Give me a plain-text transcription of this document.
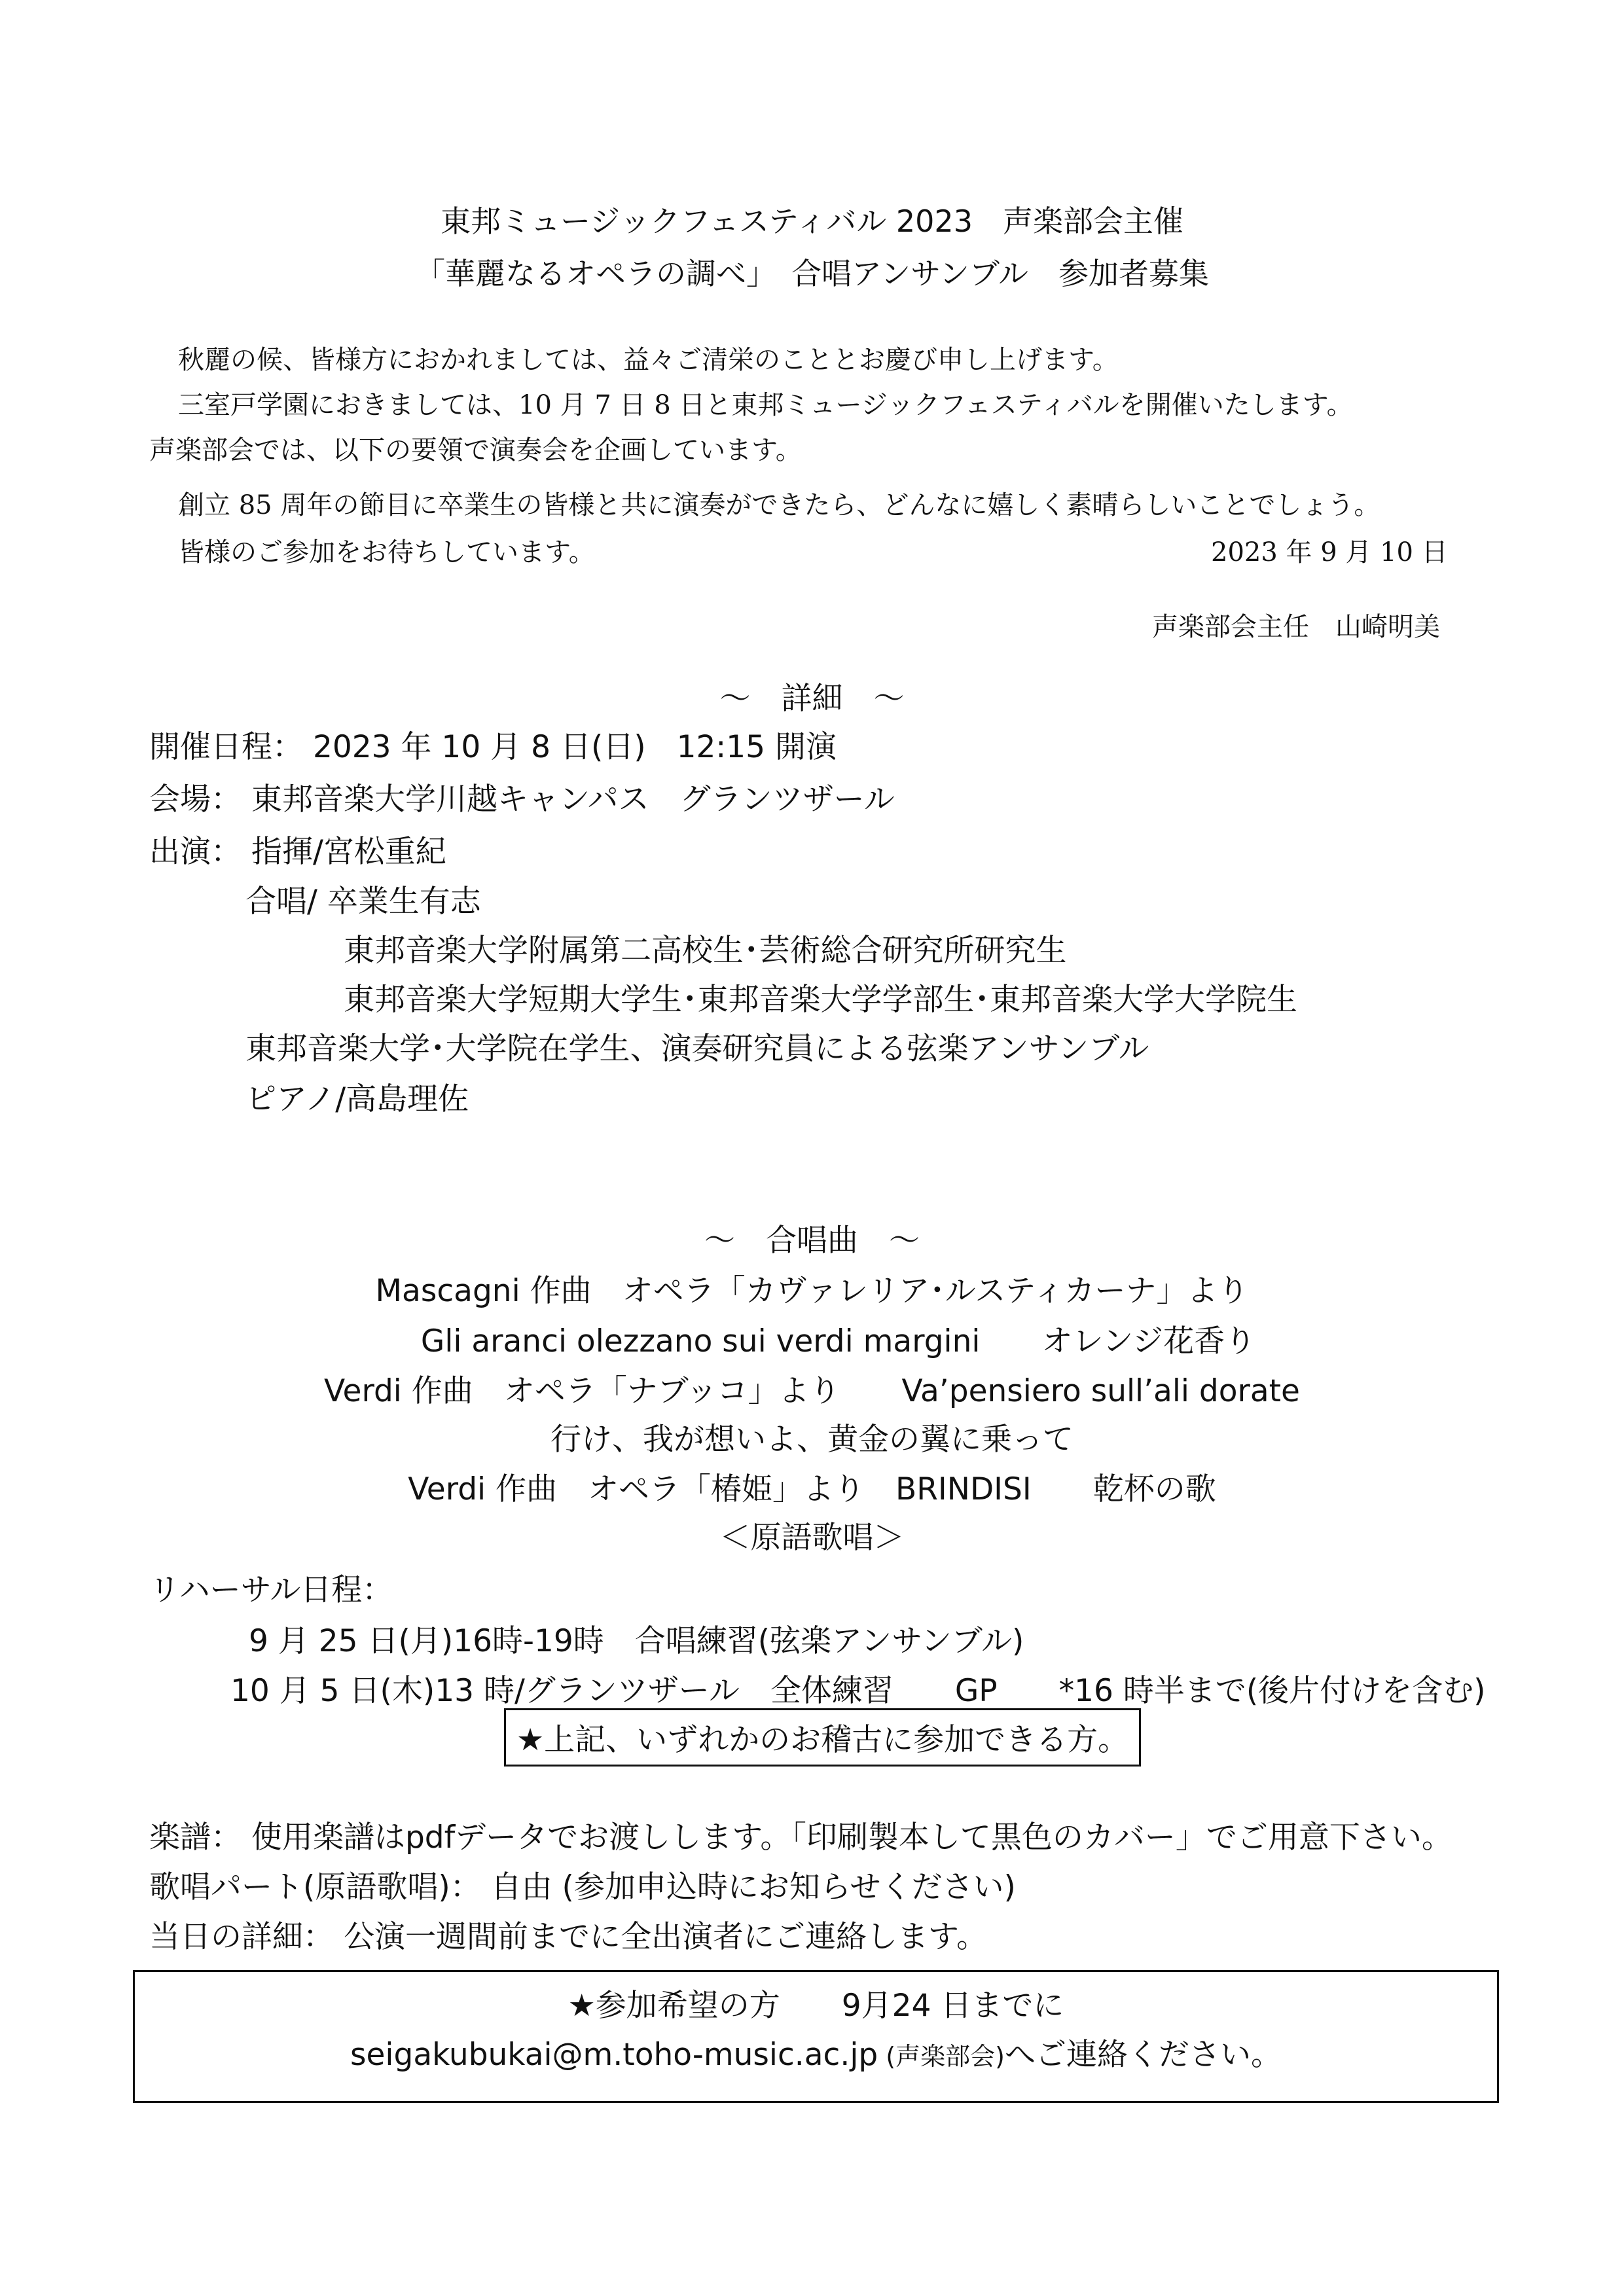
東邦ミュージックフェスティバル 2023　声楽部会主催
「華麗なるオペラの調べ」　合唱アンサンブル　参加者募集
秋麗の候、皆様方におかれましては、益々ご清栄のこととお慶び申し上げます。
三室戸学園におきましては、10 月 7 日 8 日と東邦ミュージックフェスティバルを開催いたします。
声楽部会では、以下の要領で演奏会を企画しています。
創立 85 周年の節目に卒業生の皆様と共に演奏ができたら、どんなに嬉しく素晴らしいことでしょう。
皆様のご参加をお待ちしています。	2023 年 9 月 10 日
声楽部会主任　山崎明美
～　詳細　～
開催日程： 2023 年 10 月 8 日(日)　12:15 開演
会場： 東邦音楽大学川越キャンパス　グランツザール
出演： 指揮/宮松重紀
合唱/ 卒業生有志
東邦音楽大学附属第二高校生･芸術総合研究所研究生
東邦音楽大学短期大学生･東邦音楽大学学部生･東邦音楽大学大学院生
東邦音楽大学･大学院在学生、演奏研究員による弦楽アンサンブル
ピアノ/高島理佐
～　合唱曲　～
Mascagni 作曲　オペラ「カヴァレリア･ルスティカーナ」より
Gli aranci olezzano sui verdi margini　　オレンジ花香り
Verdi 作曲　オペラ「ナブッコ」より　　Va’pensiero sull’ali dorate
行け、我が想いよ、黄金の翼に乗って
Verdi 作曲　オペラ「椿姫」より　BRINDISI　　乾杯の歌
＜原語歌唱＞
リハーサル日程：
9 月 25 日(月)16時-19時　合唱練習(弦楽アンサンブル)
10 月 5 日(木)13 時/グランツザール　全体練習　　GP　　*16 時半まで(後片付けを含む)
★上記、いずれかのお稽古に参加できる方。
楽譜： 使用楽譜はpdfデータでお渡しします。「印刷製本して黒色のカバー」でご用意下さい。
歌唱パート(原語歌唱)： 自由 (参加申込時にお知らせください)
当日の詳細： 公演一週間前までに全出演者にご連絡します。
★参加希望の方　　9月24 日までに
seigakubukai@m.toho-music.ac.jp (声楽部会)へご連絡ください。
